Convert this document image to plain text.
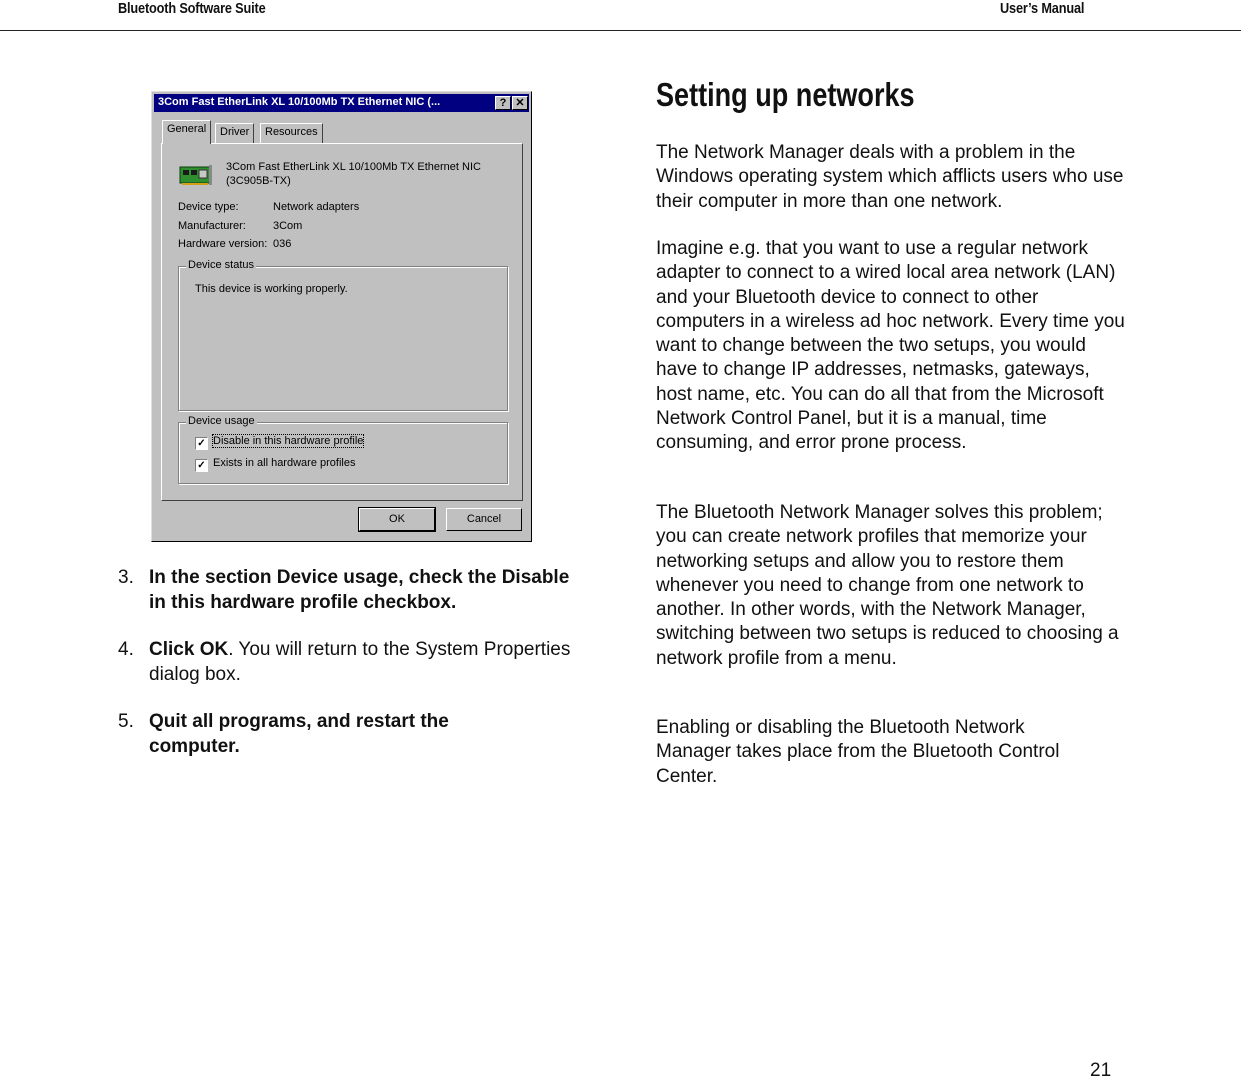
Bluetooth Software Suite	User’s Manual
3Com Fast EtherLink XL 10/100Mb TX Ethernet NIC (...	? ✕
General	Driver	Resources
3Com Fast EtherLink XL 10/100Mb TX Ethernet NIC
(3C905B-TX)
Device type:	Network adapters
Manufacturer: 3Com
Hardware version: 036
Device status
This device is working properly.
Device usage
✓ Disable in this hardware profile
✓ Exists in all hardware profiles
OK	Cancel
3. In the section Device usage, check the Disable in this hardware profile checkbox.
4. Click OK. You will return to the System Properties dialog box.
5. Quit all programs, and restart the computer.
Setting up networks
The Network Manager deals with a problem in the Windows operating system which afflicts users who use their computer in more than one network.
Imagine e.g. that you want to use a regular network adapter to connect to a wired local area network (LAN) and your Bluetooth device to connect to other computers in a wireless ad hoc network. Every time you want to change between the two setups, you would have to change IP addresses, netmasks, gateways, host name, etc. You can do all that from the Microsoft Network Control Panel, but it is a manual, time consuming, and error prone process.
The Bluetooth Network Manager solves this problem; you can create network profiles that memorize your networking setups and allow you to restore them whenever you need to change from one network to another. In other words, with the Network Manager, switching between two setups is reduced to choosing a network profile from a menu.
Enabling or disabling the Bluetooth Network Manager takes place from the Bluetooth Control Center.
21
